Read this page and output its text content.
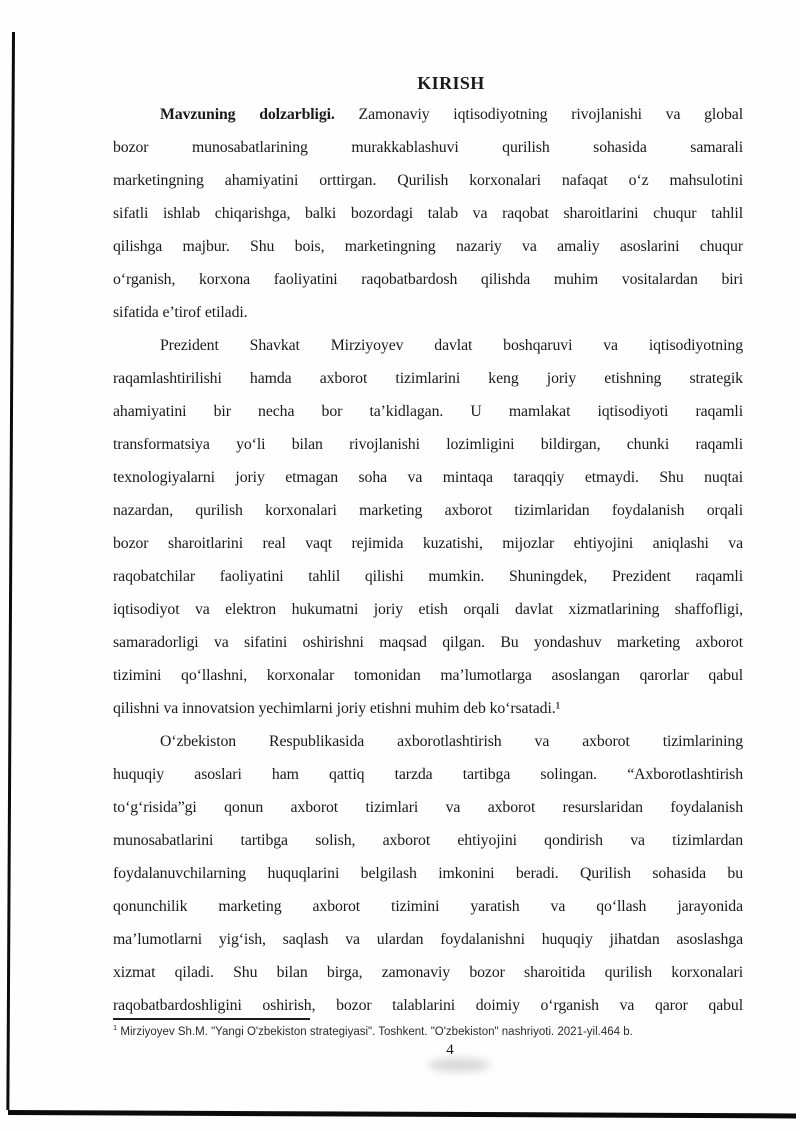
KIRISH
Mavzuning dolzarbligi. Zamonaviy iqtisodiyotning rivojlanishi va global
bozor munosabatlarining murakkablashuvi qurilish sohasida samarali
marketingning ahamiyatini orttirgan. Qurilish korxonalari nafaqat oʻz mahsulotini
sifatli ishlab chiqarishga, balki bozordagi talab va raqobat sharoitlarini chuqur tahlil
qilishga majbur. Shu bois, marketingning nazariy va amaliy asoslarini chuqur
oʻrganish, korxona faoliyatini raqobatbardosh qilishda muhim vositalardan biri
sifatida e’tirof etiladi.
Prezident Shavkat Mirziyoyev davlat boshqaruvi va iqtisodiyotning
raqamlashtirilishi hamda axborot tizimlarini keng joriy etishning strategik
ahamiyatini bir necha bor ta’kidlagan. U mamlakat iqtisodiyoti raqamli
transformatsiya yoʻli bilan rivojlanishi lozimligini bildirgan, chunki raqamli
texnologiyalarni joriy etmagan soha va mintaqa taraqqiy etmaydi. Shu nuqtai
nazardan, qurilish korxonalari marketing axborot tizimlaridan foydalanish orqali
bozor sharoitlarini real vaqt rejimida kuzatishi, mijozlar ehtiyojini aniqlashi va
raqobatchilar faoliyatini tahlil qilishi mumkin. Shuningdek, Prezident raqamli
iqtisodiyot va elektron hukumatni joriy etish orqali davlat xizmatlarining shaffofligi,
samaradorligi va sifatini oshirishni maqsad qilgan. Bu yondashuv marketing axborot
tizimini qoʻllashni, korxonalar tomonidan ma’lumotlarga asoslangan qarorlar qabul
qilishni va innovatsion yechimlarni joriy etishni muhim deb koʻrsatadi.¹
Oʻzbekiston Respublikasida axborotlashtirish va axborot tizimlarining
huquqiy asoslari ham qattiq tarzda tartibga solingan. “Axborotlashtirish
toʻgʻrisida”gi qonun axborot tizimlari va axborot resurslaridan foydalanish
munosabatlarini tartibga solish, axborot ehtiyojini qondirish va tizimlardan
foydalanuvchilarning huquqlarini belgilash imkonini beradi. Qurilish sohasida bu
qonunchilik marketing axborot tizimini yaratish va qoʻllash jarayonida
ma’lumotlarni yigʻish, saqlash va ulardan foydalanishni huquqiy jihatdan asoslashga
xizmat qiladi. Shu bilan birga, zamonaviy bozor sharoitida qurilish korxonalari
raqobatbardoshligini oshirish, bozor talablarini doimiy oʻrganish va qaror qabul
$^1$ Mirziyoyev Sh.M. "Yangi O'zbekiston strategiyasi". Toshkent. "O'zbekiston" nashriyoti. 2021-yil.464 b.
4
